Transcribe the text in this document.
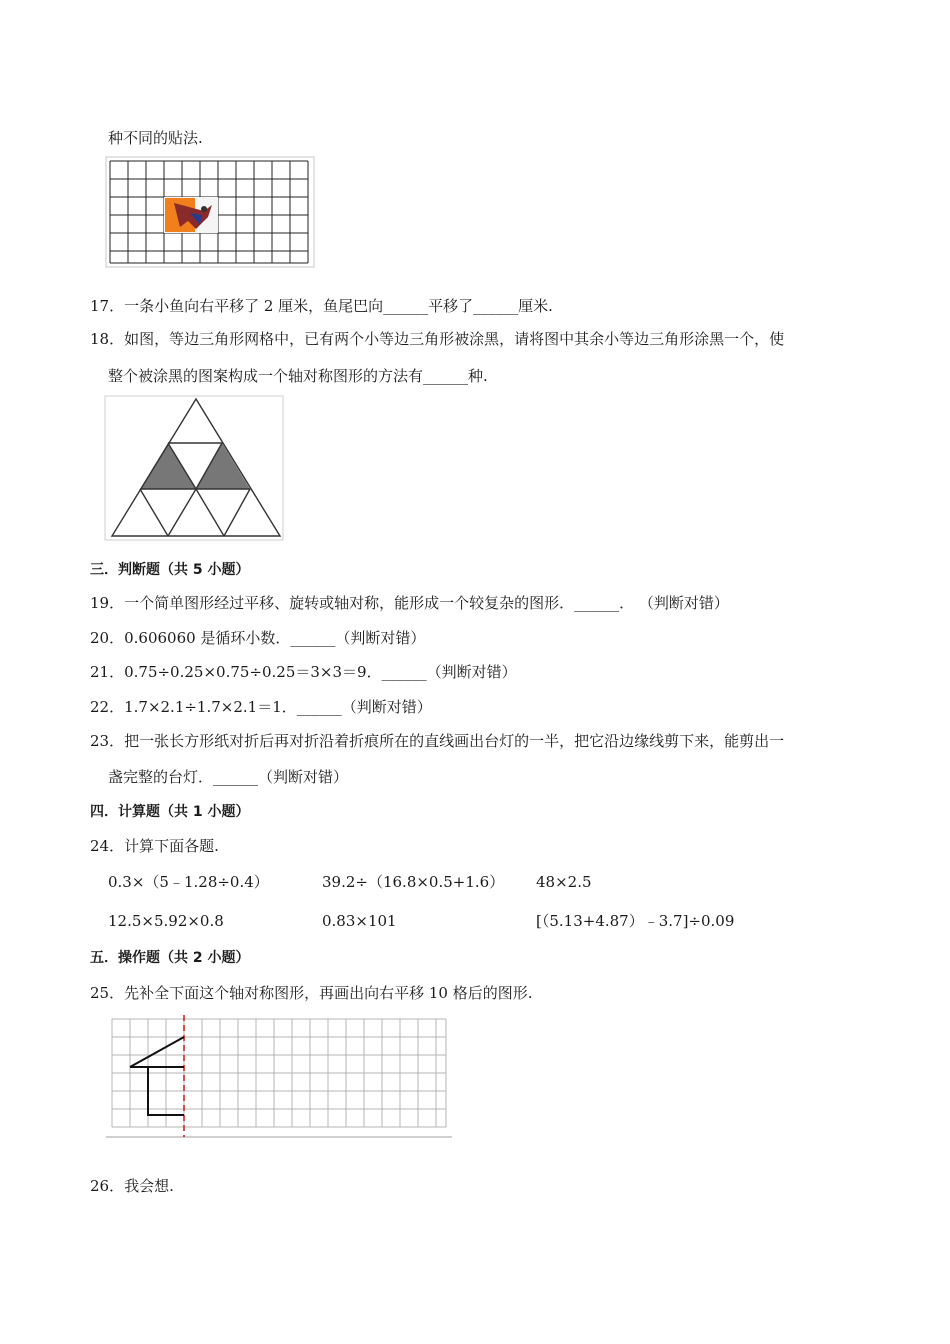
种不同的贴法.
17．一条小鱼向右平移了 2 厘米，鱼尾巴向______平移了______厘米.
18．如图，等边三角形网格中，已有两个小等边三角形被涂黑，请将图中其余小等边三角形涂黑一个，使
整个被涂黑的图案构成一个轴对称图形的方法有______种.
三．判断题（共 5 小题）
19．一个简单图形经过平移、旋转或轴对称，能形成一个较复杂的图形．______． （判断对错）
20．0.606060 是循环小数．______（判断对错）
21．0.75÷0.25×0.75÷0.25＝3×3＝9．______（判断对错）
22．1.7×2.1÷1.7×2.1＝1．______（判断对错）
23．把一张长方形纸对折后再对折沿着折痕所在的直线画出台灯的一半，把它沿边缘线剪下来，能剪出一
盏完整的台灯．______（判断对错）
四．计算题（共 1 小题）
24．计算下面各题.
0.3×（5﹣1.28÷0.4）	39.2÷（16.8×0.5+1.6） 48×2.5
12.5×5.92×0.8	0.83×101	[（5.13+4.87）﹣3.7]÷0.09
五．操作题（共 2 小题）
25．先补全下面这个轴对称图形，再画出向右平移 10 格后的图形.
26．我会想.
